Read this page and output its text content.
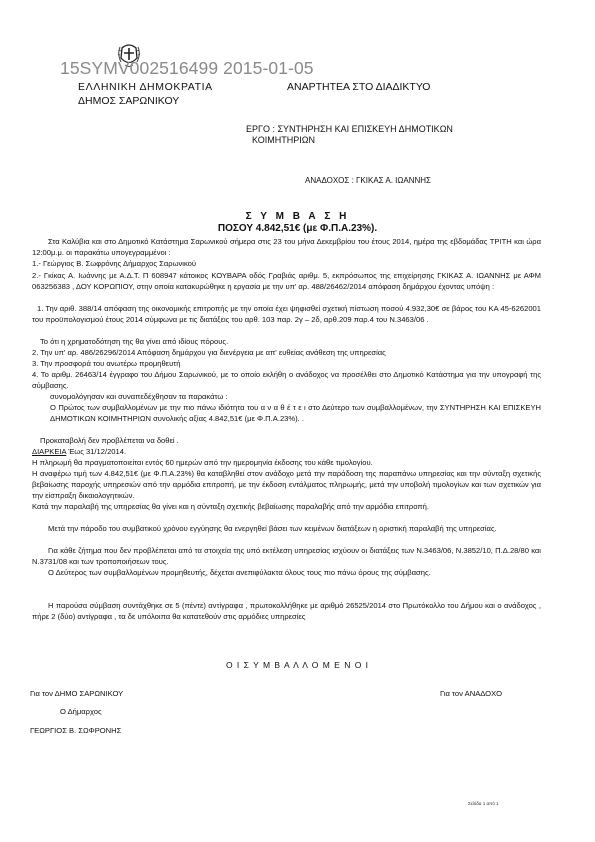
15SYMV002516499 2015-01-05
ΕΛΛΗΝΙΚΗ ΔΗΜΟΚΡΑΤΙΑ
ΔΗΜΟΣ ΣΑΡΩΝΙΚΟΥ
ΑΝΑΡΤΗΤΕΑ ΣΤΟ ΔΙΑΔΙΚΤΥΟ
ΕΡΓΟ : ΣΥΝΤΗΡΗΣΗ ΚΑΙ ΕΠΙΣΚΕΥΗ ΔΗΜΟΤΙΚΩΝ
ΚΟΙΜΗΤΗΡΙΩΝ
ΑΝΑΔΟΧΟΣ : ΓΚΙΚΑΣ Α. ΙΩΑΝΝΗΣ
Σ Υ Μ Β Α Σ Η
ΠΟΣΟΥ 4.842,51€ (με Φ.Π.Α.23%).
Στα Καλύβια και στο Δημοτικό Κατάστημα Σαρωνικού σήμερα στις 23 του μήνα Δεκεμβρίου του έτους 2014, ημέρα της εβδομάδας ΤΡΙΤΗ και ώρα 12:00μ.μ. οι παρακάτω υπογεγραμμένοι :
1.- Γεώργιος Β. Σωφρόνης Δήμαρχος Σαρωνικού
2.- Γκίκας Α. Ιωάννης με Α.Δ.Τ. Π 608947 κάτοικος ΚΟΥΒΑΡΑ οδός Γραβιάς αριθμ. 5, εκπρόσωπος της επιχείρησης ΓΚΙΚΑΣ Α. ΙΩΑΝΝΗΣ με ΑΦΜ 063256383 , ΔΟΥ ΚΟΡΩΠΙΟΥ, στην οποία κατακυρώθηκε η εργασία με την υπ' αρ. 488/26462/2014 απόφαση δημάρχου έχοντας υπόψη :
1. Την αριθ. 388/14 απόφαση της οικονομικής επιτροπής με την οποία έχει ψηφισθεί σχετική πίστωση ποσού 4.932,30€ σε βάρος του ΚΑ 45-6262001 του προϋπολογισμού έτους 2014 σύμφωνα με τις διατάξεις του αρθ. 103 παρ. 2γ – 2δ, αρθ.209 παρ.4 του Ν.3463/06 .
Το ότι η χρηματοδότηση της θα γίνει από ιδίους πόρους.
2. Την υπ' αρ. 486/26296/2014 Απόφαση δημάρχου για διενέργεια με απ' ευθείας ανάθεση της υπηρεσίας
3. Την προσφορά του ανωτέρω προμηθευτή
4. Το αριθμ. 26463/14 έγγραφο του Δήμου Σαρωνικού, με το οποίο εκλήθη ο ανάδοχος να προσέλθει στο Δημοτικό Κατάστημα για την υπογραφή της σύμβασης.
συνομολόγησαν και συναπεδέχθησαν τα παρακάτω :
Ο Πρώτος των συμβαλλομένων με την πιο πάνω ιδιότητα του α ν α θ έ τ ε ι στο Δεύτερο των συμβαλλομένων, την ΣΥΝΤΗΡΗΣΗ ΚΑΙ ΕΠΙΣΚΕΥΗ ΔΗΜΟΤΙΚΩΝ ΚΟΙΜΗΤΗΡΙΩΝ συνολικής αξίας 4.842,51€ (με Φ.Π.Α.23%). .
Προκαταβολή δεν προβλέπεται να δοθεί .
ΔΙΑΡΚΕΙΑ Έως 31/12/2014.
Η πληρωμή θα πραγματοποιείται εντός 60 ημερών από την ημερομηνία έκδοσης του κάθε τιμολογίου.
Η αναφέρω τιμή των 4.842,51€ (με Φ.Π.Α.23%) θα καταβληθεί στον ανάδοχο μετά την παράδοση της παραπάνω υπηρεσίας και την σύνταξη σχετικής βεβαίωσης παροχής υπηρεσιών από την αρμόδια επιτροπή, με την έκδοση εντάλματος πληρωμής, μετά την υποβολή τιμολογίων και των σχετικών για την είσπραξη δικαιολογητικών.
Κατά την παραλαβή της υπηρεσίας θα γίνει και η σύνταξη σχετικής βεβαίωσης παραλαβής από την αρμόδια επιτροπή.
Μετά την πάροδο του συμβατικού χρόνου εγγύησης θα ενεργηθεί βάσει των κειμένων διατάξεων η οριστική παραλαβή της υπηρεσίας.
Για κάθε ζήτημα που δεν προβλέπεται από τα στοιχεία της υπό εκτέλεση υπηρεσίας ισχύουν οι διατάξεις των Ν.3463/06, Ν.3852/10, Π.Δ.28/80 και Ν.3731/08 και των τροποποιήσεων τους.
Ο Δεύτερος των συμβαλλομένων προμηθευτής, δέχεται ανεπιφύλακτα όλους τους πιο πάνω όρους της σύμβασης.
Η παρούσα σύμβαση συντάχθηκε σε 5 (πέντε) αντίγραφα , πρωτοκολλήθηκε με αριθμό 26525/2014 στο Πρωτόκολλο του Δήμου και ο ανάδοχος , πήρε 2 (δύο) αντίγραφα , τα δε υπόλοιπα θα κατατεθούν στις αρμόδιες υπηρεσίες
Ο Ι Σ Υ Μ Β Α Λ Λ Ο Μ Ε Ν Ο Ι
Για τον ΔΗΜΟ ΣΑΡΩΝΙΚΟΥ	Για τον ΑΝΑΔΟΧΟ
Ο Δήμαρχος
ΓΕΩΡΓΙΟΣ Β. ΣΩΦΡΟΝΗΣ
Σελίδα 1 από 1
